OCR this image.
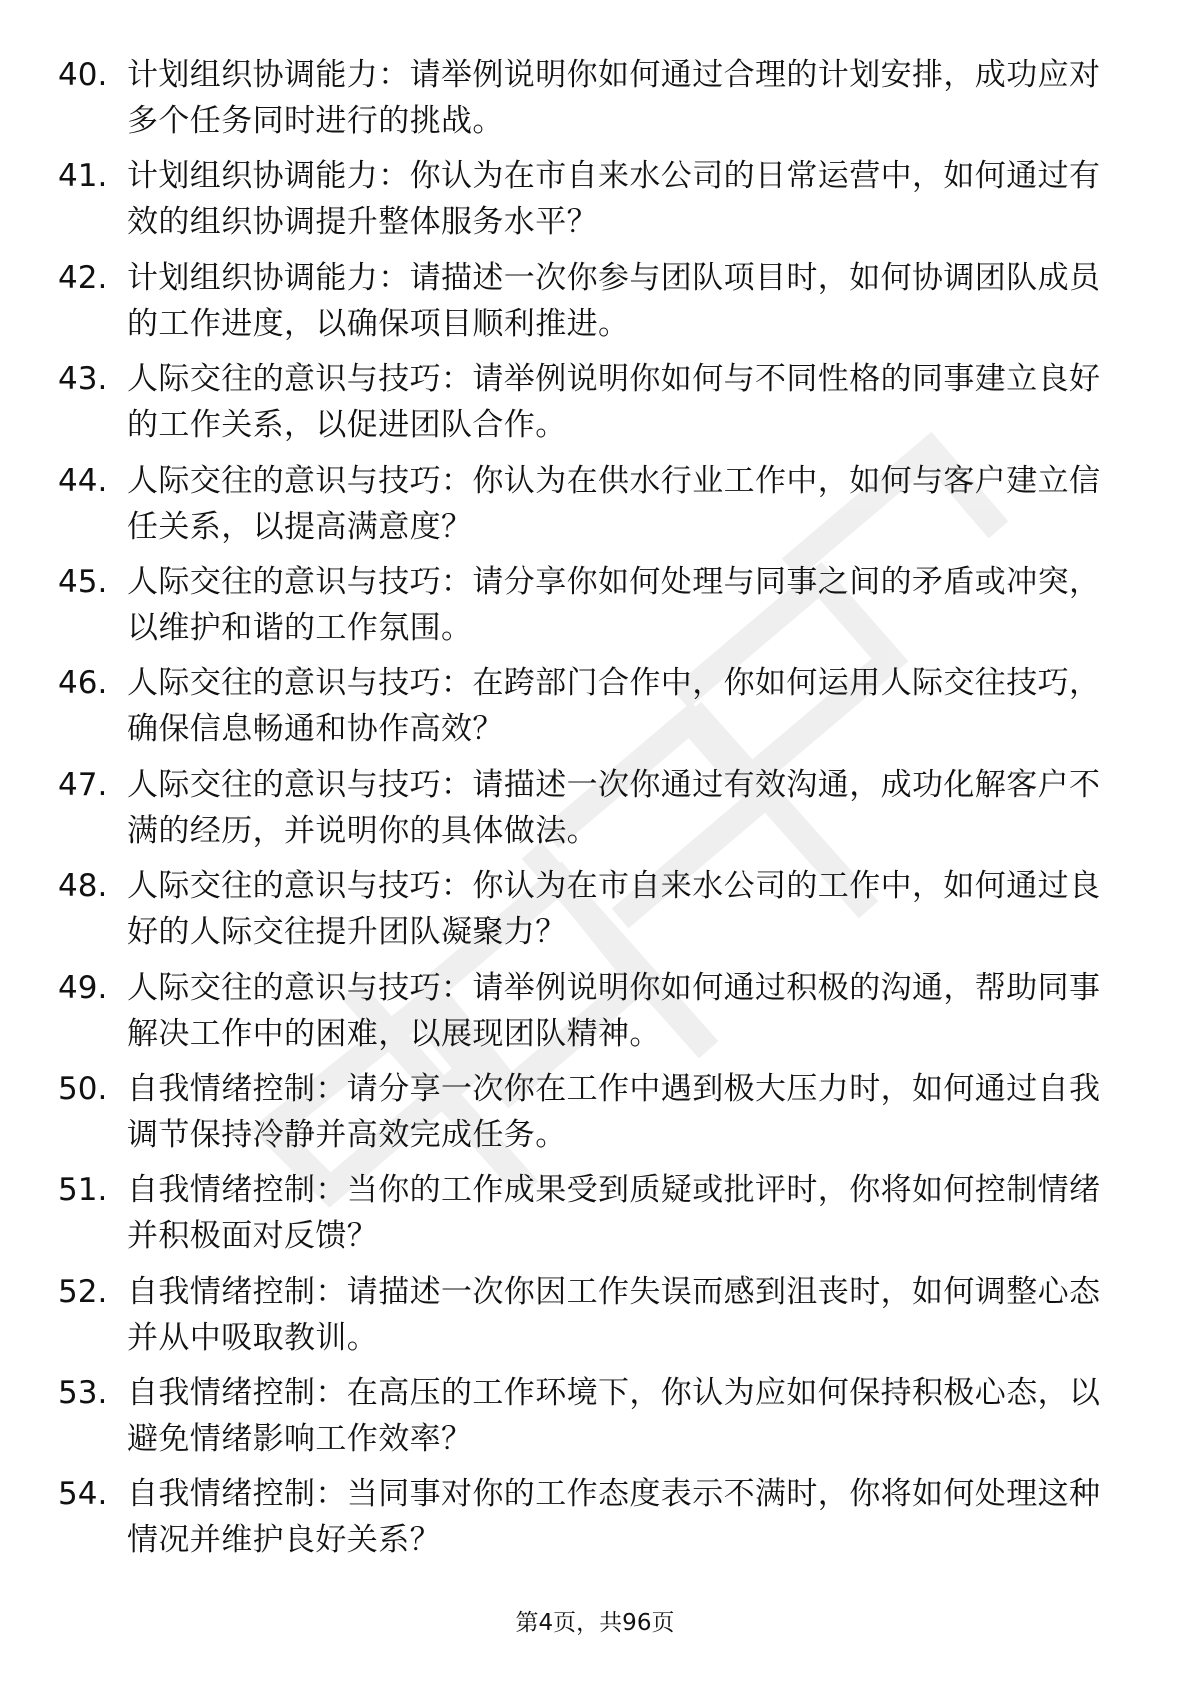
40. 计划组织协调能力：请举例说明你如何通过合理的计划安排，成功应对多个任务同时进行的挑战。
41. 计划组织协调能力：你认为在市自来水公司的日常运营中，如何通过有效的组织协调提升整体服务水平？
42. 计划组织协调能力：请描述一次你参与团队项目时，如何协调团队成员的工作进度，以确保项目顺利推进。
43. 人际交往的意识与技巧：请举例说明你如何与不同性格的同事建立良好的工作关系，以促进团队合作。
44. 人际交往的意识与技巧：你认为在供水行业工作中，如何与客户建立信任关系，以提高满意度？
45. 人际交往的意识与技巧：请分享你如何处理与同事之间的矛盾或冲突，以维护和谐的工作氛围。
46. 人际交往的意识与技巧：在跨部门合作中，你如何运用人际交往技巧，确保信息畅通和协作高效？
47. 人际交往的意识与技巧：请描述一次你通过有效沟通，成功化解客户不满的经历，并说明你的具体做法。
48. 人际交往的意识与技巧：你认为在市自来水公司的工作中，如何通过良好的人际交往提升团队凝聚力？
49. 人际交往的意识与技巧：请举例说明你如何通过积极的沟通，帮助同事解决工作中的困难，以展现团队精神。
50. 自我情绪控制：请分享一次你在工作中遇到极大压力时，如何通过自我调节保持冷静并高效完成任务。
51. 自我情绪控制：当你的工作成果受到质疑或批评时，你将如何控制情绪并积极面对反馈？
52. 自我情绪控制：请描述一次你因工作失误而感到沮丧时，如何调整心态并从中吸取教训。
53. 自我情绪控制：在高压的工作环境下，你认为应如何保持积极心态，以避免情绪影响工作效率？
54. 自我情绪控制：当同事对你的工作态度表示不满时，你将如何处理这种情况并维护良好关系？
第4页，共96页
